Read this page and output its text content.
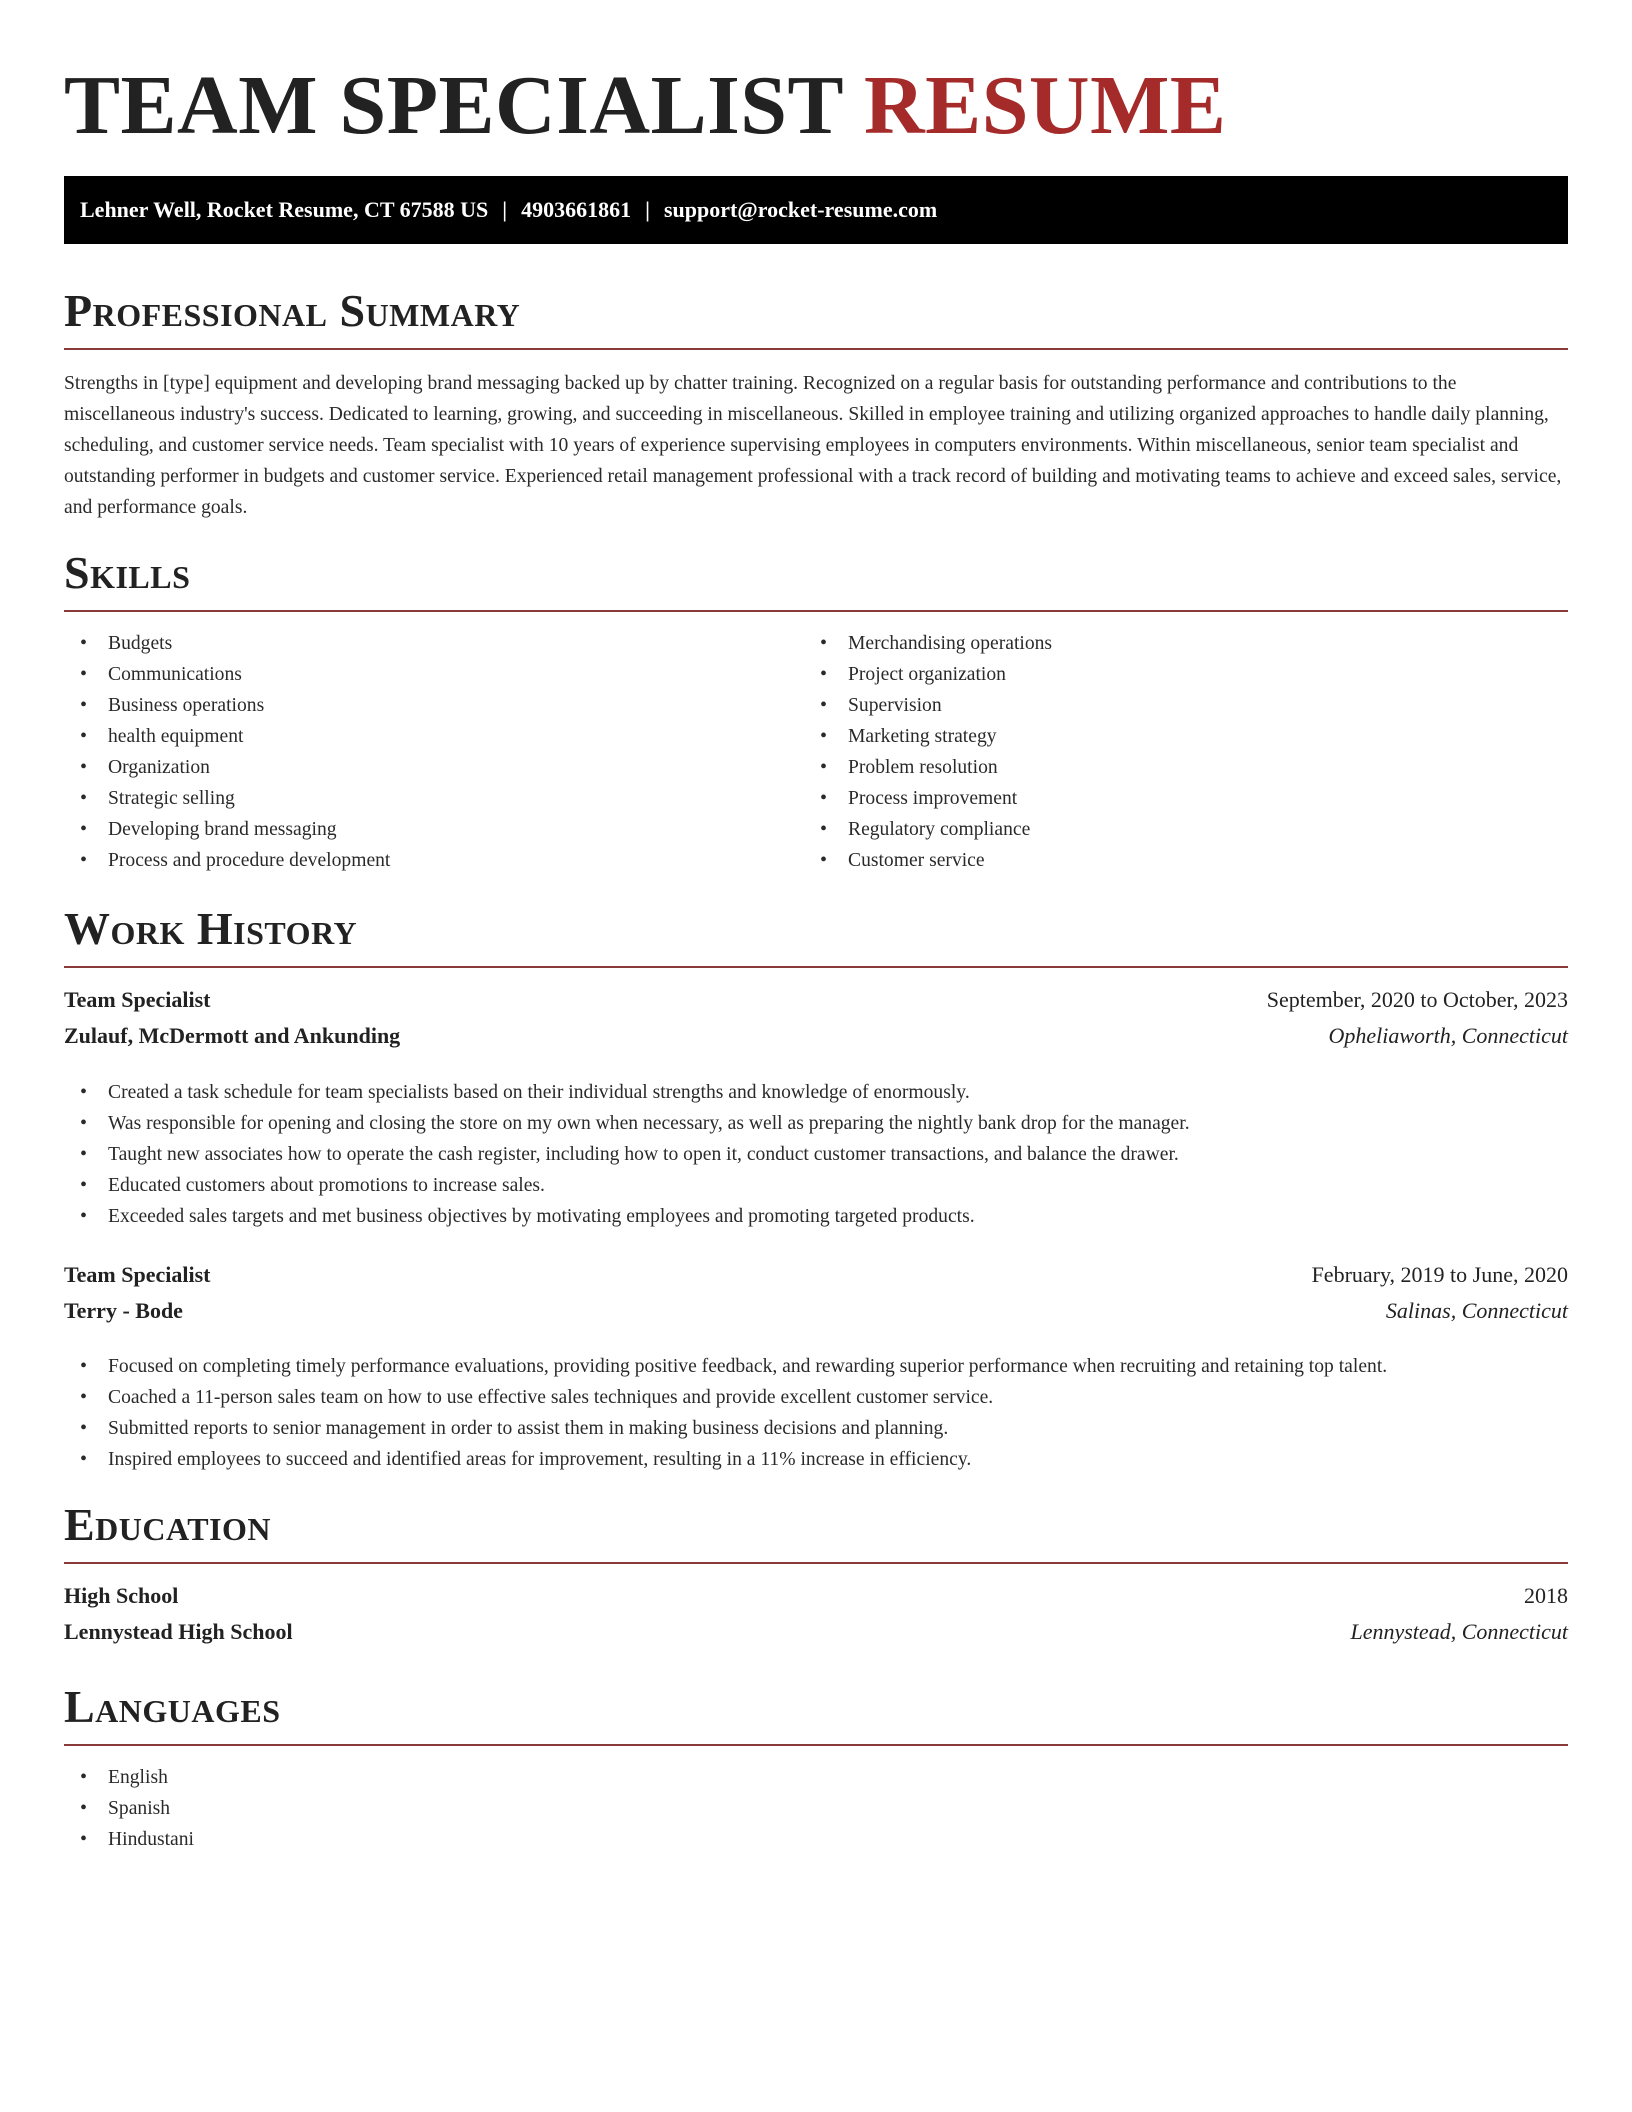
TEAM SPECIALIST RESUME
Lehner Well, Rocket Resume, CT 67588 US | 4903661861 | support@rocket-resume.com
Professional Summary

Strengths in [type] equipment and developing brand messaging backed up by chatter training. Recognized on a regular basis for outstanding performance and contributions to the miscellaneous industry's success. Dedicated to learning, growing, and succeeding in miscellaneous. Skilled in employee training and utilizing organized approaches to handle daily planning, scheduling, and customer service needs. Team specialist with 10 years of experience supervising employees in computers environments. Within miscellaneous, senior team specialist and outstanding performer in budgets and customer service. Experienced retail management professional with a track record of building and motivating teams to achieve and exceed sales, service, and performance goals.

Skills
• Budgets
• Communications
• Business operations
• health equipment
• Organization
• Strategic selling
• Developing brand messaging
• Process and procedure development
• Merchandising operations
• Project organization
• Supervision
• Marketing strategy
• Problem resolution
• Process improvement
• Regulatory compliance
• Customer service
Work History
Team Specialist	September, 2020 to October, 2023
Zulauf, McDermott and Ankunding	Opheliaworth, Connecticut
• Created a task schedule for team specialists based on their individual strengths and knowledge of enormously.
• Was responsible for opening and closing the store on my own when necessary, as well as preparing the nightly bank drop for the manager.
• Taught new associates how to operate the cash register, including how to open it, conduct customer transactions, and balance the drawer.
• Educated customers about promotions to increase sales.
• Exceeded sales targets and met business objectives by motivating employees and promoting targeted products.
Team Specialist	February, 2019 to June, 2020
Terry - Bode	Salinas, Connecticut
• Focused on completing timely performance evaluations, providing positive feedback, and rewarding superior performance when recruiting and retaining top talent.
• Coached a 11-person sales team on how to use effective sales techniques and provide excellent customer service.
• Submitted reports to senior management in order to assist them in making business decisions and planning.
• Inspired employees to succeed and identified areas for improvement, resulting in a 11% increase in efficiency.
Education
High School	2018
Lennystead High School	Lennystead, Connecticut
Languages
• English
• Spanish
• Hindustani
